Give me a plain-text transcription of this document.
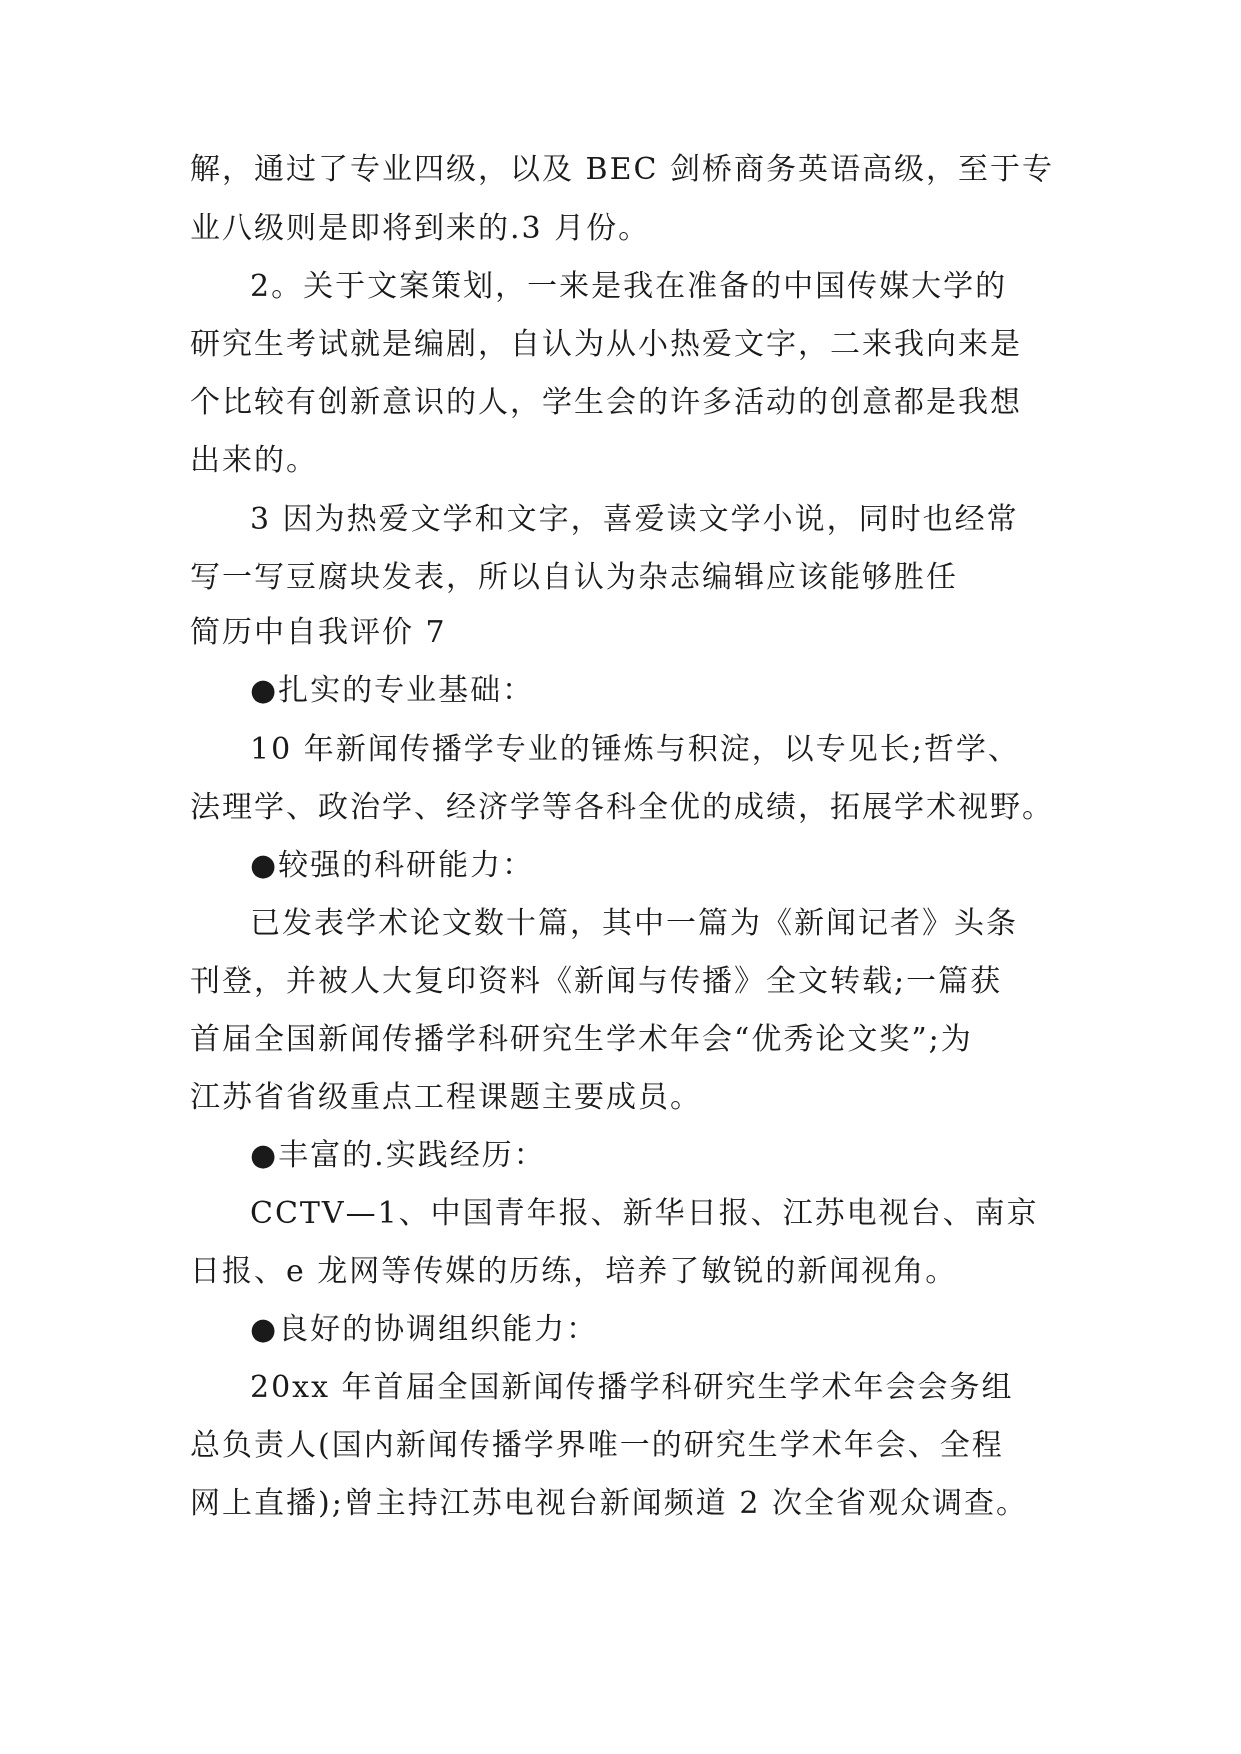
解，通过了专业四级，以及 BEC 剑桥商务英语高级，至于专
业八级则是即将到来的.3 月份。
2。关于文案策划，一来是我在准备的中国传媒大学的
研究生考试就是编剧，自认为从小热爱文字，二来我向来是
个比较有创新意识的人，学生会的许多活动的创意都是我想
出来的。
3 因为热爱文学和文字，喜爱读文学小说，同时也经常
写一写豆腐块发表，所以自认为杂志编辑应该能够胜任
简历中自我评价 7
●扎实的专业基础：
10 年新闻传播学专业的锤炼与积淀，以专见长;哲学、
法理学、政治学、经济学等各科全优的成绩，拓展学术视野。
●较强的科研能力：
已发表学术论文数十篇，其中一篇为《新闻记者》头条
刊登，并被人大复印资料《新闻与传播》全文转载;一篇获
首届全国新闻传播学科研究生学术年会“优秀论文奖”;为
江苏省省级重点工程课题主要成员。
●丰富的.实践经历：
CCTV—1、中国青年报、新华日报、江苏电视台、南京
日报、e 龙网等传媒的历练，培养了敏锐的新闻视角。
●良好的协调组织能力：
20xx 年首届全国新闻传播学科研究生学术年会会务组
总负责人(国内新闻传播学界唯一的研究生学术年会、全程
网上直播);曾主持江苏电视台新闻频道 2 次全省观众调查。
